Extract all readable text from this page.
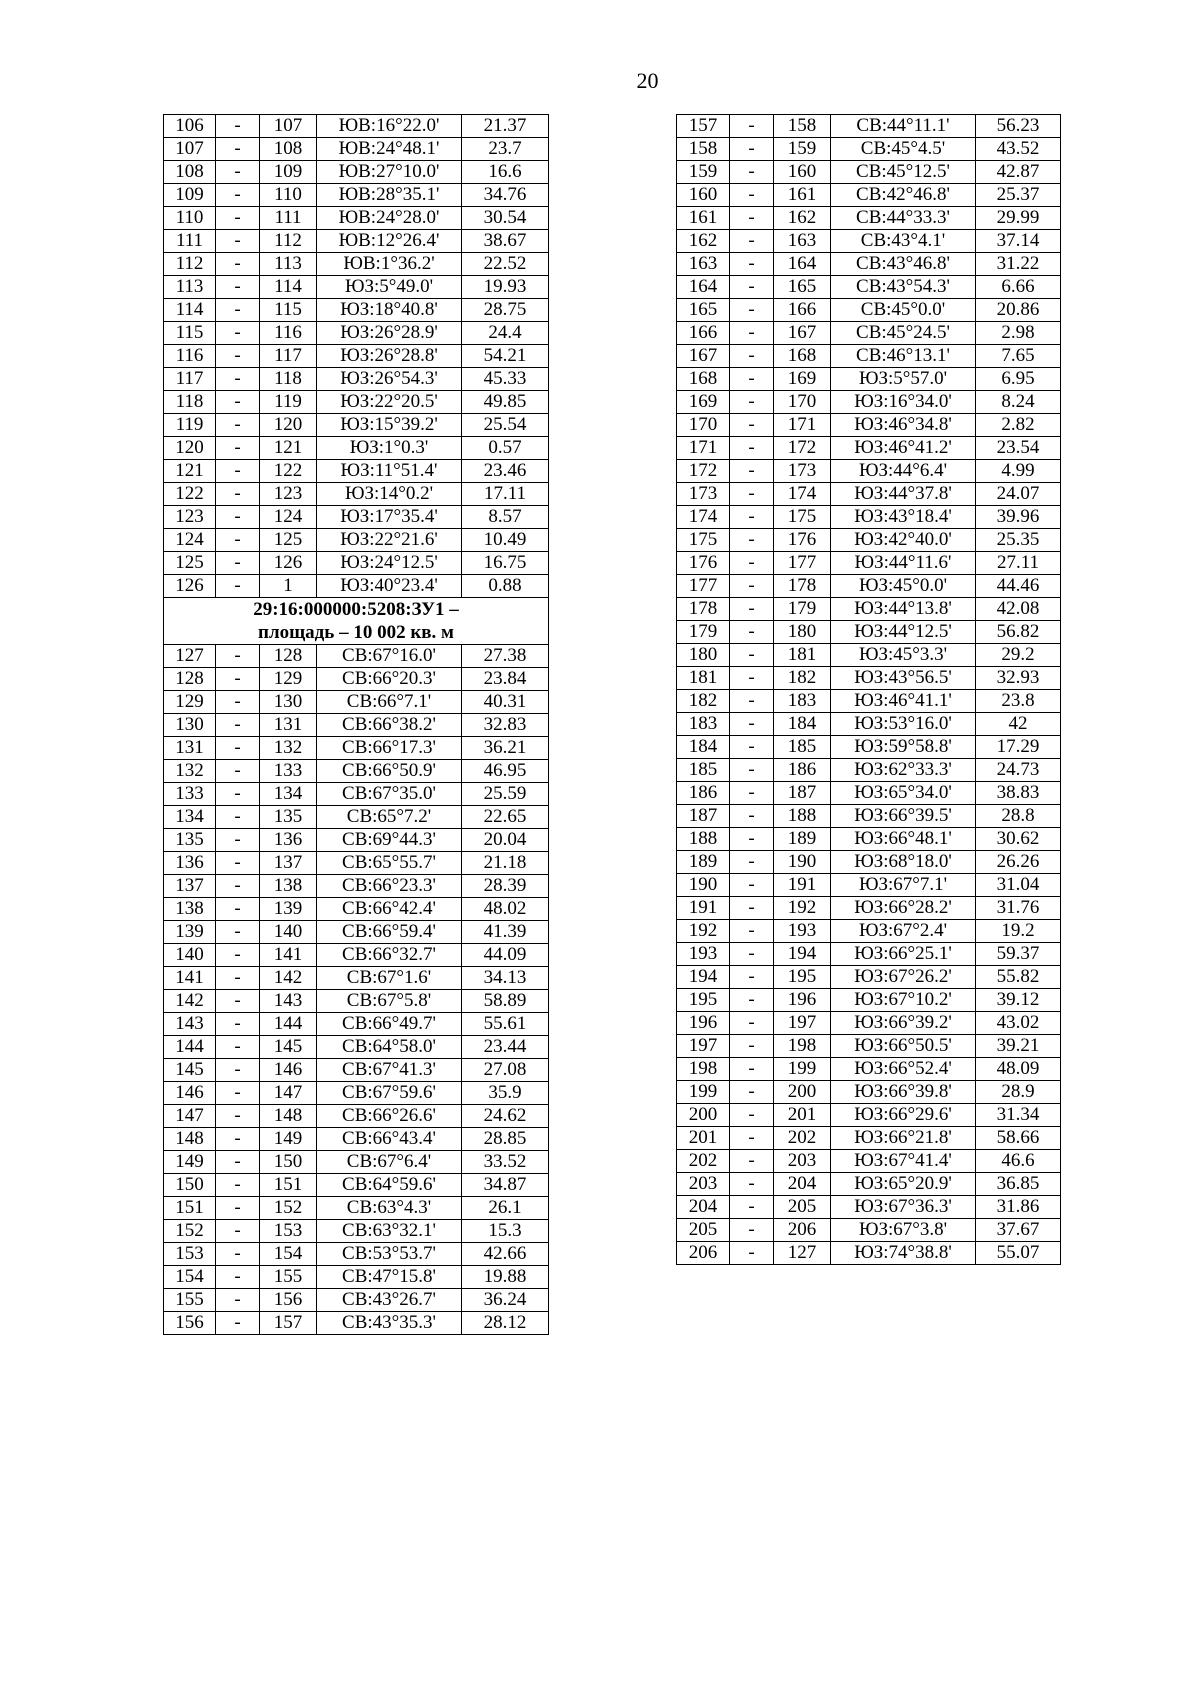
20
106	-	107	ЮВ:16°22.0'	21.37
107	-	108	ЮВ:24°48.1'	23.7
108	-	109	ЮВ:27°10.0'	16.6
109	-	110	ЮВ:28°35.1'	34.76
110	-	111	ЮВ:24°28.0'	30.54
111	-	112	ЮВ:12°26.4'	38.67
112	-	113	ЮВ:1°36.2'	22.52
113	-	114	ЮЗ:5°49.0'	19.93
114	-	115	ЮЗ:18°40.8'	28.75
115	-	116	ЮЗ:26°28.9'	24.4
116	-	117	ЮЗ:26°28.8'	54.21
117	-	118	ЮЗ:26°54.3'	45.33
118	-	119	ЮЗ:22°20.5'	49.85
119	-	120	ЮЗ:15°39.2'	25.54
120	-	121	ЮЗ:1°0.3'	0.57
121	-	122	ЮЗ:11°51.4'	23.46
122	-	123	ЮЗ:14°0.2'	17.11
123	-	124	ЮЗ:17°35.4'	8.57
124	-	125	ЮЗ:22°21.6'	10.49
125	-	126	ЮЗ:24°12.5'	16.75
126	-	1	ЮЗ:40°23.4'	0.88

29:16:000000:5208:ЗУ1 –
площадь – 10 002 кв. м				

127	-	128	СВ:67°16.0'	27.38
128	-	129	СВ:66°20.3'	23.84
129	-	130	СВ:66°7.1'	40.31
130	-	131	СВ:66°38.2'	32.83
131	-	132	СВ:66°17.3'	36.21
132	-	133	СВ:66°50.9'	46.95
133	-	134	СВ:67°35.0'	25.59
134	-	135	СВ:65°7.2'	22.65
135	-	136	СВ:69°44.3'	20.04
136	-	137	СВ:65°55.7'	21.18
137	-	138	СВ:66°23.3'	28.39
138	-	139	СВ:66°42.4'	48.02
139	-	140	СВ:66°59.4'	41.39
140	-	141	СВ:66°32.7'	44.09
141	-	142	СВ:67°1.6'	34.13
142	-	143	СВ:67°5.8'	58.89
143	-	144	СВ:66°49.7'	55.61
144	-	145	СВ:64°58.0'	23.44
145	-	146	СВ:67°41.3'	27.08
146	-	147	СВ:67°59.6'	35.9
147	-	148	СВ:66°26.6'	24.62
148	-	149	СВ:66°43.4'	28.85
149	-	150	СВ:67°6.4'	33.52
150	-	151	СВ:64°59.6'	34.87
151	-	152	СВ:63°4.3'	26.1
152	-	153	СВ:63°32.1'	15.3
153	-	154	СВ:53°53.7'	42.66
154	-	155	СВ:47°15.8'	19.88
155	-	156	СВ:43°26.7'	36.24
156	-	157	СВ:43°35.3'	28.12
157	-	158	СВ:44°11.1'	56.23
158	-	159	СВ:45°4.5'	43.52
159	-	160	СВ:45°12.5'	42.87
160	-	161	СВ:42°46.8'	25.37
161	-	162	СВ:44°33.3'	29.99
162	-	163	СВ:43°4.1'	37.14
163	-	164	СВ:43°46.8'	31.22
164	-	165	СВ:43°54.3'	6.66
165	-	166	СВ:45°0.0'	20.86
166	-	167	СВ:45°24.5'	2.98
167	-	168	СВ:46°13.1'	7.65
168	-	169	ЮЗ:5°57.0'	6.95
169	-	170	ЮЗ:16°34.0'	8.24
170	-	171	ЮЗ:46°34.8'	2.82
171	-	172	ЮЗ:46°41.2'	23.54
172	-	173	ЮЗ:44°6.4'	4.99
173	-	174	ЮЗ:44°37.8'	24.07
174	-	175	ЮЗ:43°18.4'	39.96
175	-	176	ЮЗ:42°40.0'	25.35
176	-	177	ЮЗ:44°11.6'	27.11
177	-	178	ЮЗ:45°0.0'	44.46
178	-	179	ЮЗ:44°13.8'	42.08
179	-	180	ЮЗ:44°12.5'	56.82
180	-	181	ЮЗ:45°3.3'	29.2
181	-	182	ЮЗ:43°56.5'	32.93
182	-	183	ЮЗ:46°41.1'	23.8
183	-	184	ЮЗ:53°16.0'	42
184	-	185	ЮЗ:59°58.8'	17.29
185	-	186	ЮЗ:62°33.3'	24.73
186	-	187	ЮЗ:65°34.0'	38.83
187	-	188	ЮЗ:66°39.5'	28.8
188	-	189	ЮЗ:66°48.1'	30.62
189	-	190	ЮЗ:68°18.0'	26.26
190	-	191	ЮЗ:67°7.1'	31.04
191	-	192	ЮЗ:66°28.2'	31.76
192	-	193	ЮЗ:67°2.4'	19.2
193	-	194	ЮЗ:66°25.1'	59.37
194	-	195	ЮЗ:67°26.2'	55.82
195	-	196	ЮЗ:67°10.2'	39.12
196	-	197	ЮЗ:66°39.2'	43.02
197	-	198	ЮЗ:66°50.5'	39.21
198	-	199	ЮЗ:66°52.4'	48.09
199	-	200	ЮЗ:66°39.8'	28.9
200	-	201	ЮЗ:66°29.6'	31.34
201	-	202	ЮЗ:66°21.8'	58.66
202	-	203	ЮЗ:67°41.4'	46.6
203	-	204	ЮЗ:65°20.9'	36.85
204	-	205	ЮЗ:67°36.3'	31.86
205	-	206	ЮЗ:67°3.8'	37.67
206	-	127	ЮЗ:74°38.8'	55.07
